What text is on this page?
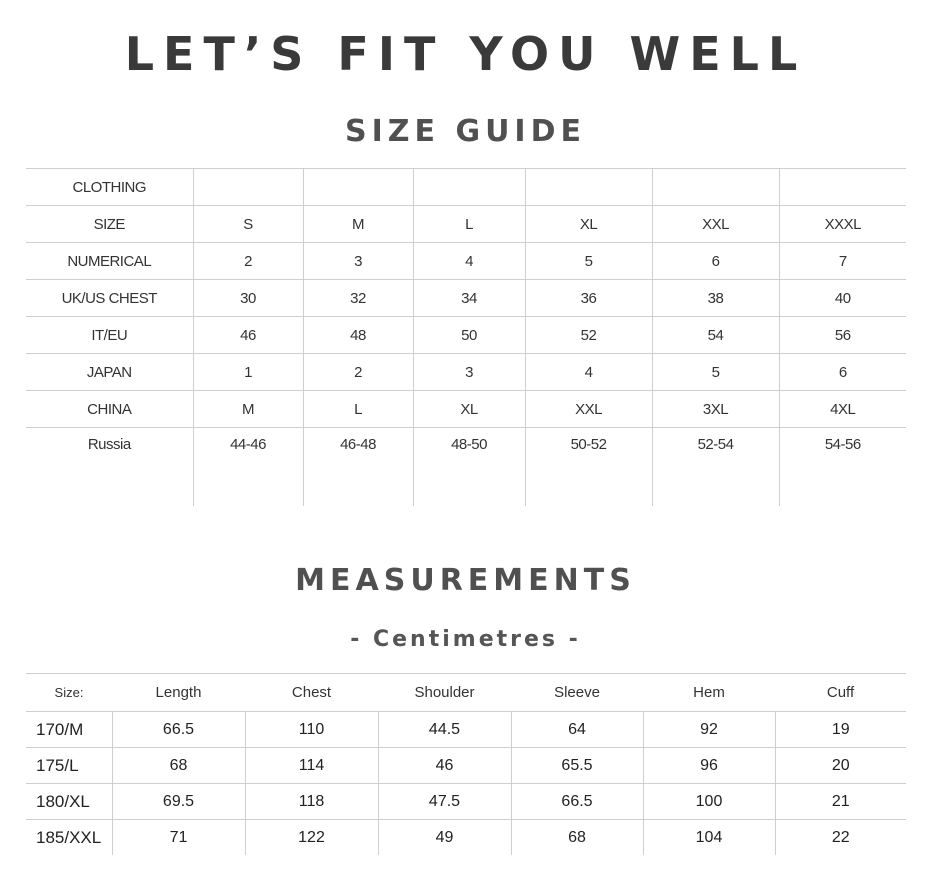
LET’S FIT YOU WELL
SIZE GUIDE
CLOTHING						
SIZE	S	M	L	XL	XXL	XXXL
NUMERICAL	2	3	4	5	6	7
UK/US CHEST	30	32	34	36	38	40
IT/EU	46	48	50	52	54	56
JAPAN	1	2	3	4	5	6
CHINA	M	L	XL	XXL	3XL	4XL
Russia	44-46	46-48	48-50	50-52	52-54	54-56
MEASUREMENTS
- Centimetres -
Size:	Length	Chest	Shoulder	Sleeve	Hem	Cuff
170/M	66.5	110	44.5	64	92	19
175/L	68	114	46	65.5	96	20
180/XL	69.5	118	47.5	66.5	100	21
185/XXL	71	122	49	68	104	22
